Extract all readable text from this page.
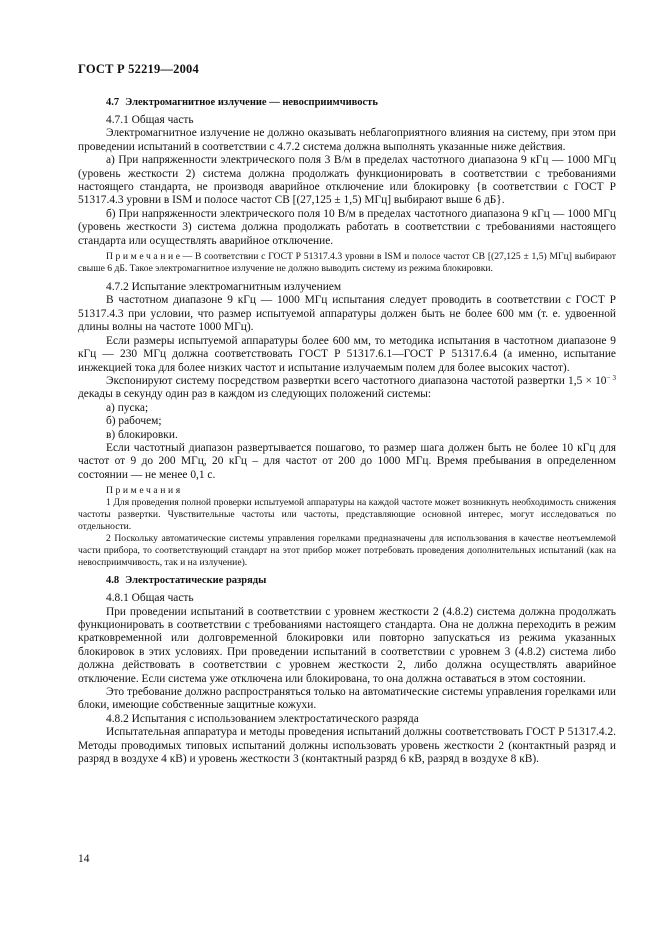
ГОСТ Р 52219—2004
4.7 Электромагнитное излучение — невосприимчивость

4.7.1 Общая часть

Электромагнитное излучение не должно оказывать неблагоприятного влияния на систему, при этом при проведении испытаний в соответствии с 4.7.2 система должна выполнять указанные ниже действия.

а) При напряженности электрического поля 3 В/м в пределах частотного диапазона 9 кГц — 1000 МГц (уровень жесткости 2) система должна продолжать функционировать в соответствии с требованиями настоящего стандарта, не производя аварийное отключение или блокировку {в соответствии с ГОСТ Р 51317.4.3 уровни в ISM и полосе частот СВ [(27,125 ± 1,5) МГц] выбирают выше 6 дБ}.

б) При напряженности электрического поля 10 В/м в пределах частотного диапазона 9 кГц — 1000 МГц (уровень жесткости 3) система должна продолжать работать в соответствии с требованиями настоящего стандарта или осуществлять аварийное отключение.

Примечание— В соответствии с ГОСТ Р 51317.4.3 уровни в ISM и полосе частот СВ [(27,125 ± 1,5) МГц] выбирают свыше 6 дБ. Такое электромагнитное излучение не должно выводить систему из режима блокировки.

4.7.2 Испытание электромагнитным излучением

В частотном диапазоне 9 кГц — 1000 МГц испытания следует проводить в соответствии с ГОСТ Р 51317.4.3 при условии, что размер испытуемой аппаратуры должен быть не более 600 мм (т. е. удвоенной длины волны на частоте 1000 МГц).

Если размеры испытуемой аппаратуры более 600 мм, то методика испытания в частотном диапазоне 9 кГц — 230 МГц должна соответствовать ГОСТ Р 51317.6.1—ГОСТ Р 51317.6.4 (а именно, испытание инжекцией тока для более низких частот и испытание излучаемым полем для более высоких частот).

Экспонируют систему посредством развертки всего частотного диапазона частотой развертки $1,5 \times 10^{- 3}$ декады в секунду один раз в каждом из следующих положений системы:

а) пуска;

б) рабочем;

в) блокировки.

Если частотный диапазон развертывается пошагово, то размер шага должен быть не более 10 кГц для частот от 9 до 200 МГц, 20 кГц – для частот от 200 до 1000 МГц. Время пребывания в определенном состоянии — не менее 0,1 с.

Примечания

1 Для проведения полной проверки испытуемой аппаратуры на каждой частоте может возникнуть необходимость снижения частоты развертки. Чувствительные частоты или частоты, представляющие основной интерес, могут исследоваться по отдельности.

2 Поскольку автоматические системы управления горелками предназначены для использования в качестве неотъемлемой части прибора, то соответствующий стандарт на этот прибор может потребовать проведения дополнительных испытаний (как на невосприимчивость, так и на излучение).

4.8 Электростатические разряды

4.8.1 Общая часть

При проведении испытаний в соответствии с уровнем жесткости 2 (4.8.2) система должна продолжать функционировать в соответствии с требованиями настоящего стандарта. Она не должна переходить в режим кратковременной или долговременной блокировки или повторно запускаться из режима указанных блокировок в этих условиях. При проведении испытаний в соответствии с уровнем 3 (4.8.2) система либо должна действовать в соответствии с уровнем жесткости 2, либо должна осуществлять аварийное отключение. Если система уже отключена или блокирована, то она должна оставаться в этом состоянии.

Это требование должно распространяться только на автоматические системы управления горелками или блоки, имеющие собственные защитные кожухи.

4.8.2 Испытания с использованием электростатического разряда

Испытательная аппаратура и методы проведения испытаний должны соответствовать ГОСТ Р 51317.4.2. Методы проводимых типовых испытаний должны использовать уровень жесткости 2 (контактный разряд и разряд в воздухе 4 кВ) и уровень жесткости 3 (контактный разряд 6 кВ, разряд в воздухе 8 кВ).

14
